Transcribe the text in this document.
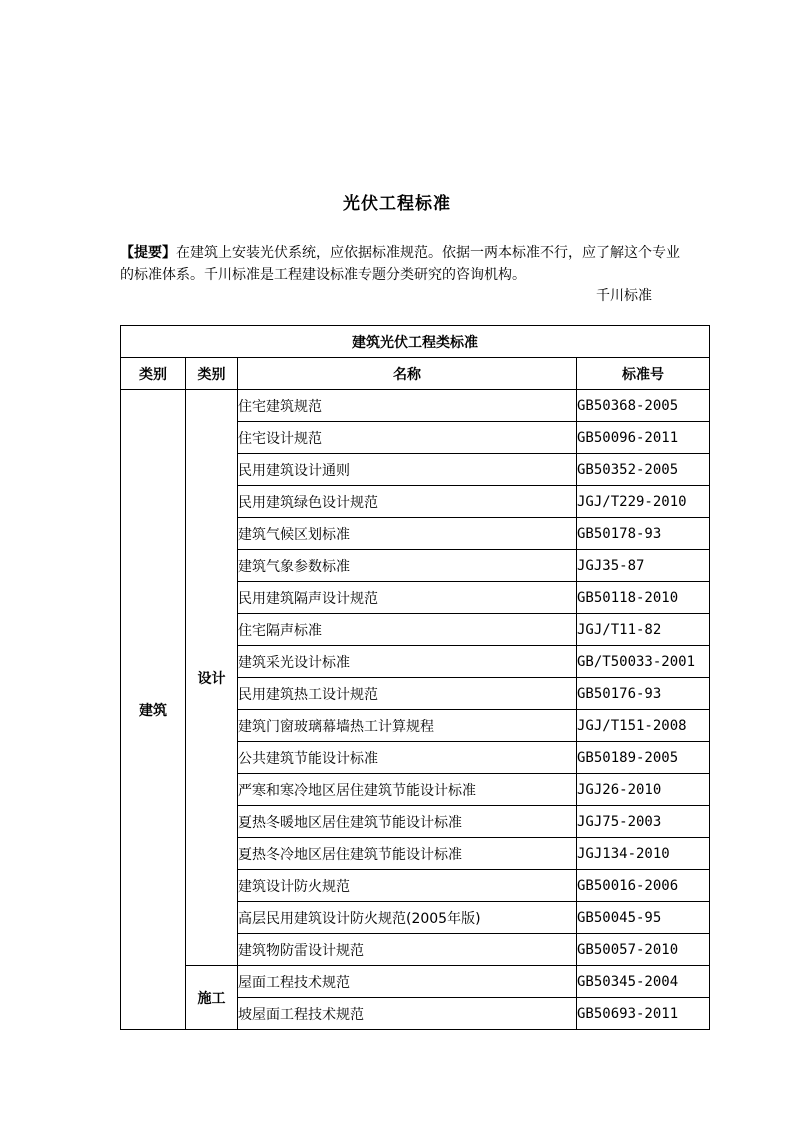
光伏工程标准
【提要】在建筑上安装光伏系统，应依据标准规范。依据一两本标准不行，应了解这个专业的标准体系。千川标准是工程建设标准专题分类研究的咨询机构。
千川标准
建筑光伏工程类标准			
类别	类别	名称	标准号
建筑	设计	住宅建筑规范	GB50368-2005
		住宅设计规范	GB50096-2011
		民用建筑设计通则	GB50352-2005
		民用建筑绿色设计规范	JGJ/T229-2010
		建筑气候区划标准	GB50178-93
		建筑气象参数标准	JGJ35-87
		民用建筑隔声设计规范	GB50118-2010
		住宅隔声标准	JGJ/T11-82
		建筑采光设计标准	GB/T50033-2001
		民用建筑热工设计规范	GB50176-93
		建筑门窗玻璃幕墙热工计算规程	JGJ/T151-2008
		公共建筑节能设计标准	GB50189-2005
		严寒和寒冷地区居住建筑节能设计标准	JGJ26-2010
		夏热冬暖地区居住建筑节能设计标准	JGJ75-2003
		夏热冬冷地区居住建筑节能设计标准	JGJ134-2010
		建筑设计防火规范	GB50016-2006
		高层民用建筑设计防火规范(2005年版)	GB50045-95
		建筑物防雷设计规范	GB50057-2010
	施工	屋面工程技术规范	GB50345-2004
		坡屋面工程技术规范	GB50693-2011
